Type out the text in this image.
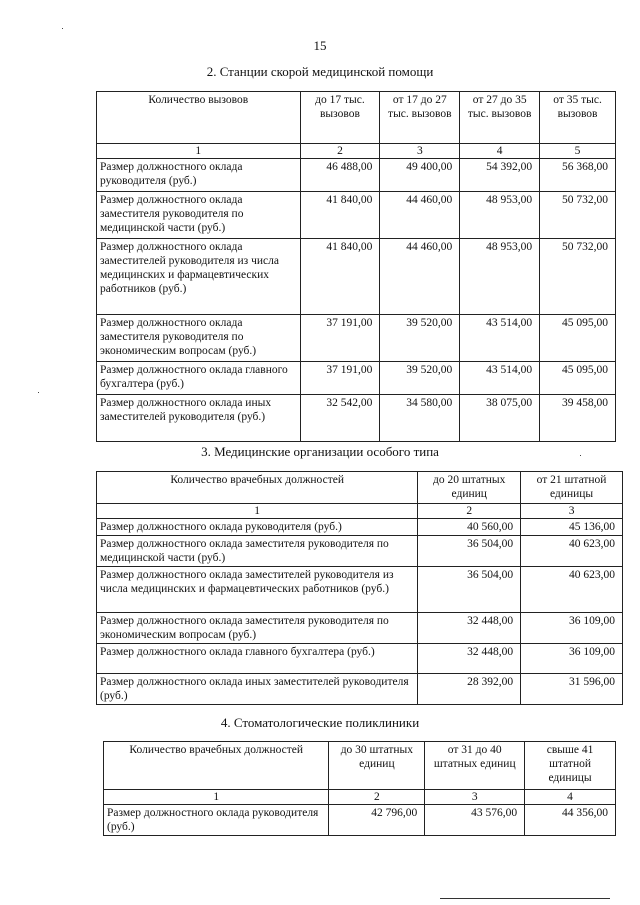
15
2. Станции скорой медицинской помощи
Количество вызовов	до 17 тыс. вызовов	от 17 до 27 тыс. вызовов	от 27 до 35 тыс. вызовов	от 35 тыс. вызовов
1	2	3	4	5
Размер должностного оклада руководителя (руб.)	46 488,00	49 400,00	54 392,00	56 368,00
Размер должностного оклада заместителя руководителя по медицинской части (руб.)	41 840,00	44 460,00	48 953,00	50 732,00
Размер должностного оклада заместителей руководителя из числа медицинских и фармацевтических работников (руб.)	41 840,00	44 460,00	48 953,00	50 732,00
Размер должностного оклада заместителя руководителя по экономическим вопросам (руб.)	37 191,00	39 520,00	43 514,00	45 095,00
Размер должностного оклада главного бухгалтера (руб.)	37 191,00	39 520,00	43 514,00	45 095,00
Размер должностного оклада иных заместителей руководителя (руб.)	32 542,00	34 580,00	38 075,00	39 458,00
3. Медицинские организации особого типа
Количество врачебных должностей	до 20 штатных единиц	от 21 штатной единицы
1	2	3
Размер должностного оклада руководителя (руб.)	40 560,00	45 136,00
Размер должностного оклада заместителя руководителя по медицинской части (руб.)	36 504,00	40 623,00
Размер должностного оклада заместителей руководителя из числа медицинских и фармацевтических работников (руб.)	36 504,00	40 623,00
Размер должностного оклада заместителя руководителя по экономическим вопросам (руб.)	32 448,00	36 109,00
Размер должностного оклада главного бухгалтера (руб.)	32 448,00	36 109,00
Размер должностного оклада иных заместителей руководителя (руб.)	28 392,00	31 596,00
4. Стоматологические поликлиники
Количество врачебных должностей	до 30 штатных единиц	от 31 до 40 штатных единиц	свыше 41 штатной единицы
1	2	3	4
Размер должностного оклада руководителя (руб.)	42 796,00	43 576,00	44 356,00
